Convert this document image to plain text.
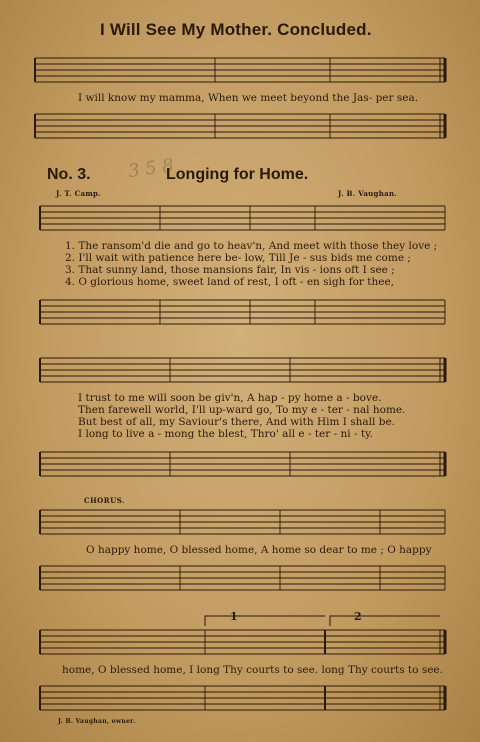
I Will See My Mother. Concluded.
I will know my mamma, When we meet beyond the Jas- per sea.
No. 3.	Longing for Home.
3 5 8
J. T. Camp.	J. B. Vaughan.
1. The ransom'd die and go to heav'n, And meet with those they love ;
2. I'll wait with patience here be- low, Till Je - sus bids me come ;
3. That sunny land, those mansions fair, In vis - ions oft I see ;
4. O glorious home, sweet land of rest, I oft - en sigh for thee,
I trust to me will soon be giv'n, A hap - py home a - bove.
Then farewell world, I'll up-ward go, To my e - ter - nal home.
But best of all, my Saviour's there, And with Him I shall be.
I long to live a - mong the blest, Thro' all e - ter - ni - ty.
CHORUS.
O happy home, O blessed home, A home so dear to me ; O happy
1	2
home, O blessed home, I long Thy courts to see. long Thy courts to see.
J. B. Vaughan, owner.
